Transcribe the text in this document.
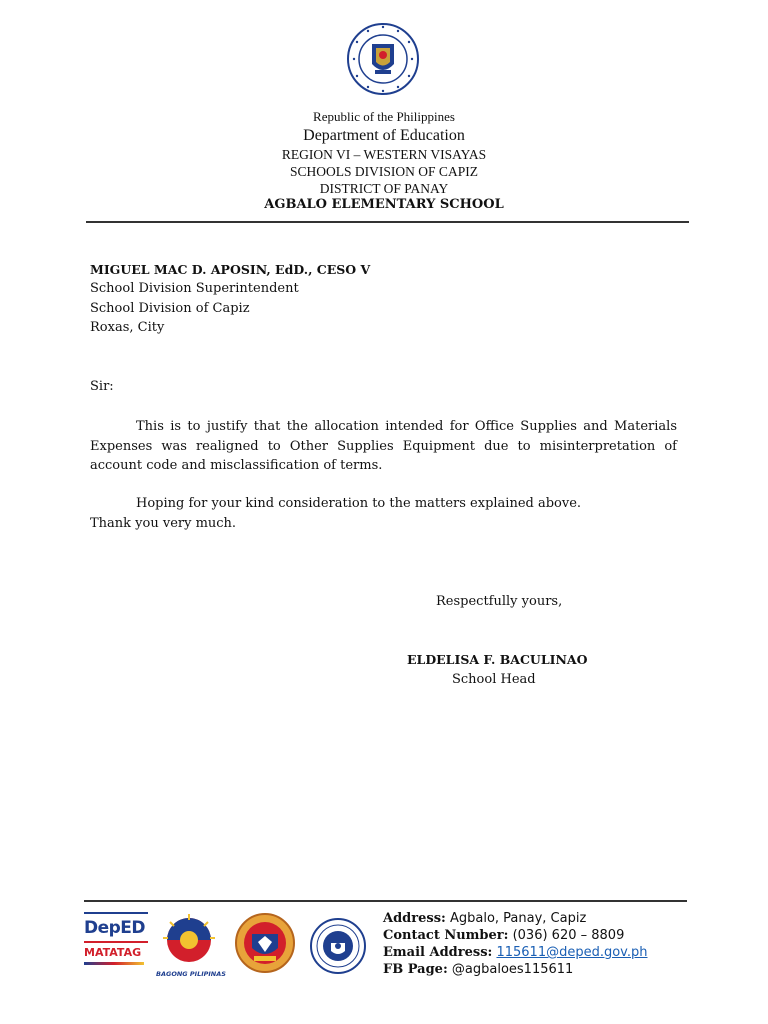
Republic of the Philippines
Department of Education
REGION VI – WESTERN VISAYAS
SCHOOLS DIVISION OF CAPIZ
DISTRICT OF PANAY
AGBALO ELEMENTARY SCHOOL
MIGUEL MAC D. APOSIN, EdD., CESO V
School Division Superintendent
School Division of Capiz
Roxas, City
Sir:
This is to justify that the allocation intended for Office Supplies and Materials Expenses was realigned to Other Supplies Equipment due to misinterpretation of account code and misclassification of terms.
Hoping for your kind consideration to the matters explained above.
Thank you very much.
Respectfully yours,
ELDELISA F. BACULINAO
School Head
DepED
MATATAG
BAGONG PILIPINAS
Address: Agbalo, Panay, Capiz
Contact Number: (036) 620 – 8809
Email Address: 115611@deped.gov.ph
FB Page: @agbaloes115611
